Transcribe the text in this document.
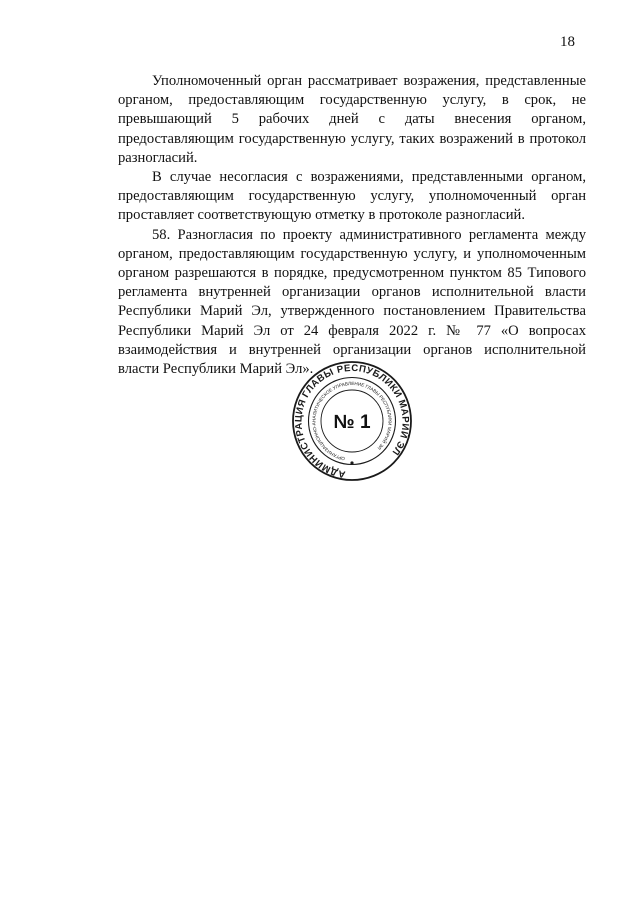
18

Уполномоченный орган рассматривает возражения, представленные органом, предоставляющим государственную услугу, в срок, не превышающий 5 рабочих дней с даты внесения органом, предоставляющим государственную услугу, таких возражений в протокол разногласий.

В случае несогласия с возражениями, представленными органом, предоставляющим государственную услугу, уполномоченный орган проставляет соответствующую отметку в протоколе разногласий.

58. Разногласия по проекту административного регламента между органом, предоставляющим государственную услугу, и уполномоченным органом разрешаются в порядке, предусмотренном пунктом 85 Типового регламента внутренней организации органов исполнительной власти Республики Марий Эл, утвержденного постановлением Правительства Республики Марий Эл от 24 февраля 2022 г. № 77 «О вопросах взаимодействия и внутренней организации органов исполнительной власти Республики Марий Эл».

АДМИНИСТРАЦИЯ ГЛАВЫ РЕСПУБЛИКИ МАРИЙ ЭЛ
ОРГАНИЗАЦИОННО-АНАЛИТИЧЕСКОЕ УПРАВЛЕНИЕ ГЛАВЫ РЕСПУБЛИКИ МАРИЙ ЭЛ
№ 1
